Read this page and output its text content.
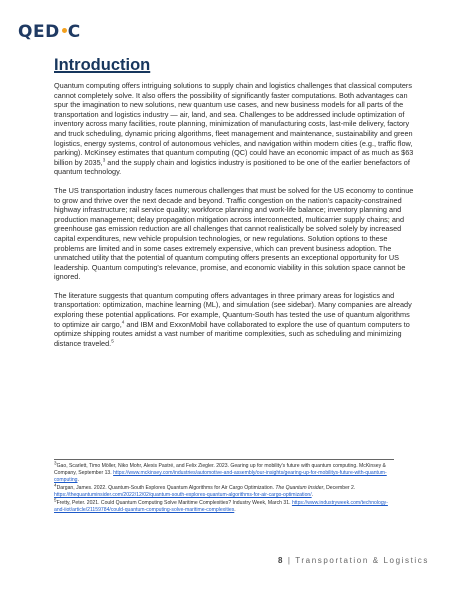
QED C
Introduction

Quantum computing offers intriguing solutions to supply chain and logistics challenges that classical computers cannot completely solve. It also offers the possibility of significantly faster computations. Both advantages can spur the imagination to new solutions, new quantum use cases, and new business models for all parts of the transportation and logistics industry — air, land, and sea. Challenges to be addressed include optimization of inventory across many facilities, route planning, minimization of manufacturing costs, last-mile delivery, factory and truck scheduling, dynamic pricing algorithms, fleet management and maintenance, sustainability and green logistics, energy systems, control of autonomous vehicles, and navigation within modern cities (e.g., traffic flow, parking). McKinsey estimates that quantum computing (QC) could have an economic impact of as much as $63 billion by 2035,$^3$ and the supply chain and logistics industry is positioned to be one of the earlier benefactors of quantum technology.

The US transportation industry faces numerous challenges that must be solved for the US economy to continue to grow and thrive over the next decade and beyond. Traffic congestion on the nation's capacity-constrained highway infrastructure; rail service quality; workforce planning and work-life balance; inventory planning and production management; delay propagation mitigation across interconnected, multicarrier supply chains; and greenhouse gas emission reduction are all challenges that cannot realistically be solved solely by increased capital expenditures, new vehicle propulsion technologies, or new regulations. Solution options to these problems are limited and in some cases extremely expensive, which can prevent business adoption. The unmatched utility that the potential of quantum computing offers presents an exceptional opportunity for US leadership. Quantum computing's relevance, promise, and economic viability in this solution space cannot be ignored.

The literature suggests that quantum computing offers advantages in three primary areas for logistics and transportation: optimization, machine learning (ML), and simulation (see sidebar). Many companies are already exploring these potential applications. For example, Quantum-South has tested the use of quantum algorithms to optimize air cargo,$^4$ and IBM and ExxonMobil have collaborated to explore the use of quantum computers to optimize shipping routes amidst a vast number of maritime complexities, such as scheduling and minimizing distance traveled.$^5$

$^3$Gao, Scarlett, Timo Möller, Niko Mohr, Alexis Pastré, and Felix Ziegler. 2023. Gearing up for mobility's future with quantum computing. McKinsey & Company, September 13. https://www.mckinsey.com/industries/automotive-and-assembly/our-insights/gearing-up-for-mobilitys-future-with-quantum-computing.
$^4$Dargan, James. 2022. Quantum-South Explores Quantum Algorithms for Air Cargo Optimization. The Quantum Insider, December 2. https://thequantuminsider.com/2022/12/02/quantum-south-explores-quantum-algorithms-for-air-cargo-optimization/.
$^5$Fretty, Peter. 2021. Could Quantum Computing Solve Maritime Complexities? Industry Week, March 31. https://www.industryweek.com/technology-and-iiot/article/21159784/could-quantum-computing-solve-maritime-complexities.
8 | Transportation & Logistics
